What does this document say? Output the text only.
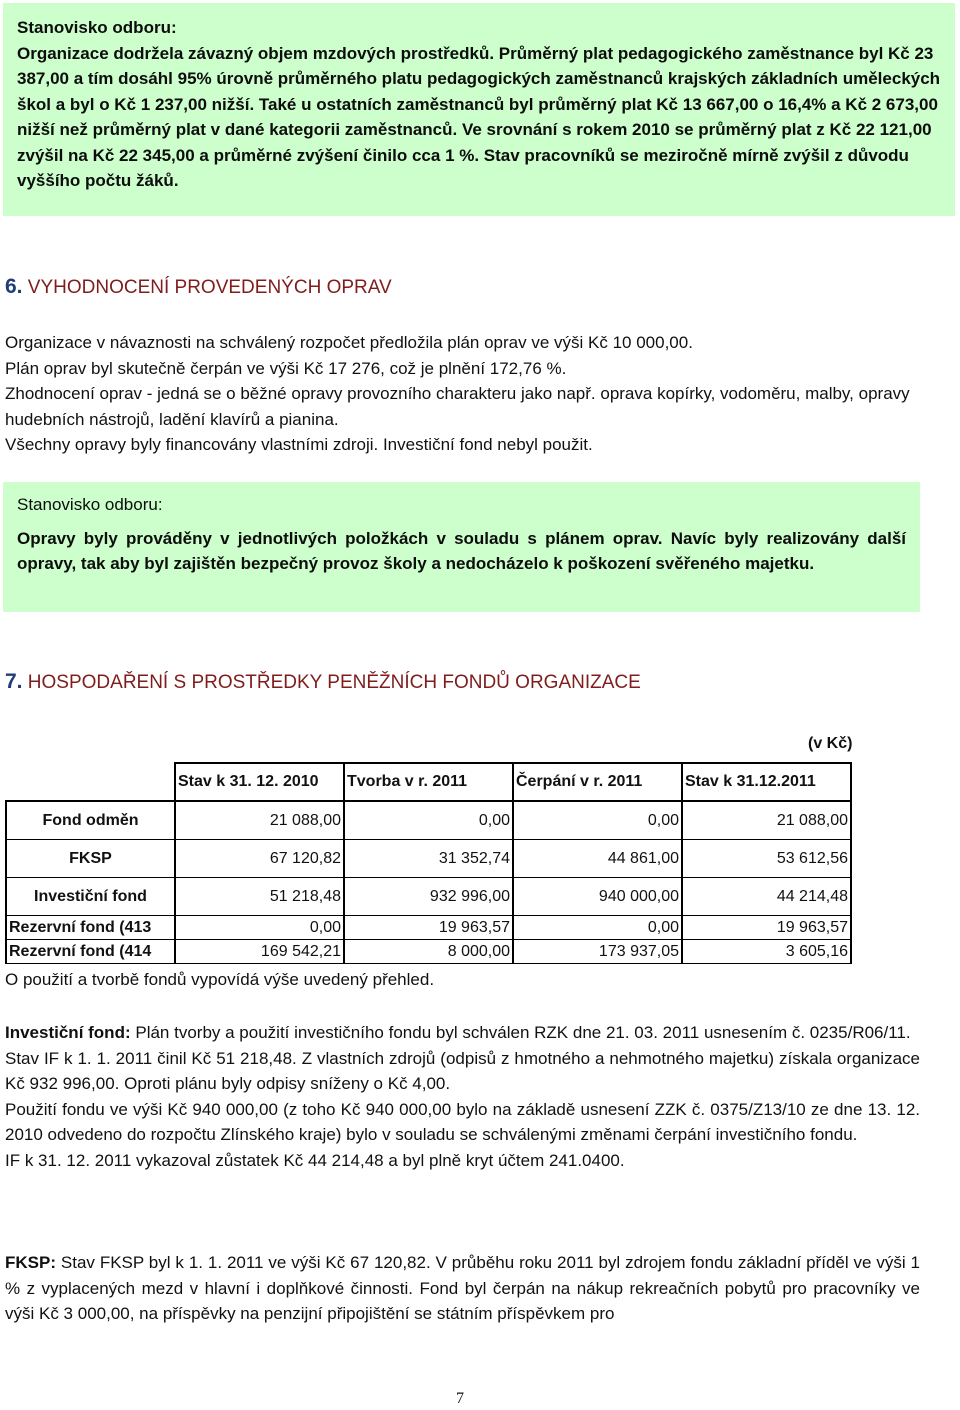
Stanovisko odboru:

Organizace dodržela závazný objem mzdových prostředků. Průměrný plat pedagogického zaměstnance byl Kč 23 387,00 a tím dosáhl 95% úrovně průměrného platu pedagogických zaměstnanců krajských základních uměleckých škol a byl o Kč 1 237,00 nižší. Také u ostatních zaměstnanců byl průměrný plat Kč 13 667,00 o 16,4% a Kč 2 673,00 nižší než průměrný plat v dané kategorii zaměstnanců. Ve srovnání s rokem 2010 se průměrný plat z Kč 22 121,00 zvýšil na Kč 22 345,00 a průměrné zvýšení činilo cca 1 %. Stav pracovníků se meziročně mírně zvýšil z důvodu vyššího počtu žáků.

6. VYHODNOCENÍ PROVEDENÝCH OPRAV

Organizace v návaznosti na schválený rozpočet předložila plán oprav ve výši Kč 10 000,00.

Plán oprav byl skutečně čerpán ve výši Kč 17 276, což je plnění 172,76 %.

Zhodnocení oprav - jedná se o běžné opravy provozního charakteru jako např. oprava kopírky, vodoměru, malby, opravy hudebních nástrojů, ladění klavírů a pianina.

Všechny opravy byly financovány vlastními zdroji. Investiční fond nebyl použit.

Stanovisko odboru:

Opravy byly prováděny v jednotlivých položkách v souladu s plánem oprav. Navíc byly realizovány další opravy, tak aby byl zajištěn bezpečný provoz školy a nedocházelo k poškození svěřeného majetku.

7. HOSPODAŘENÍ S PROSTŘEDKY PENĚŽNÍCH FONDŮ ORGANIZACE
(v Kč)
	Stav k 31. 12. 2010	Tvorba v r. 2011	Čerpání v r. 2011	Stav k 31.12.2011
Fond odměn	21 088,00	0,00	0,00	21 088,00
FKSP	67 120,82	31 352,74	44 861,00	53 612,56
Investiční fond	51 218,48	932 996,00	940 000,00	44 214,48
Rezervní fond (413	0,00	19 963,57	0,00	19 963,57
Rezervní fond (414	169 542,21	8 000,00	173 937,05	3 605,16

O použití a tvorbě fondů vypovídá výše uvedený přehled.

Investiční fond: Plán tvorby a použití investičního fondu byl schválen RZK dne 21. 03. 2011 usnesením č. 0235/R06/11.

Stav IF k 1. 1. 2011 činil Kč 51 218,48. Z vlastních zdrojů (odpisů z hmotného a nehmotného majetku) získala organizace Kč 932 996,00. Oproti plánu byly odpisy sníženy o Kč 4,00.

Použití fondu ve výši Kč 940 000,00 (z toho Kč 940 000,00 bylo na základě usnesení ZZK č. 0375/Z13/10 ze dne 13. 12. 2010 odvedeno do rozpočtu Zlínského kraje) bylo v souladu se schválenými změnami čerpání investičního fondu.

IF k 31. 12. 2011 vykazoval zůstatek Kč 44 214,48 a byl plně kryt účtem 241.0400.

FKSP: Stav FKSP byl k 1. 1. 2011 ve výši Kč 67 120,82. V průběhu roku 2011 byl zdrojem fondu základní příděl ve výši 1 % z vyplacených mezd v hlavní i doplňkové činnosti. Fond byl čerpán na nákup rekreačních pobytů pro pracovníky ve výši Kč 3 000,00, na příspěvky na penzijní připojištění se státním příspěvkem pro

7
